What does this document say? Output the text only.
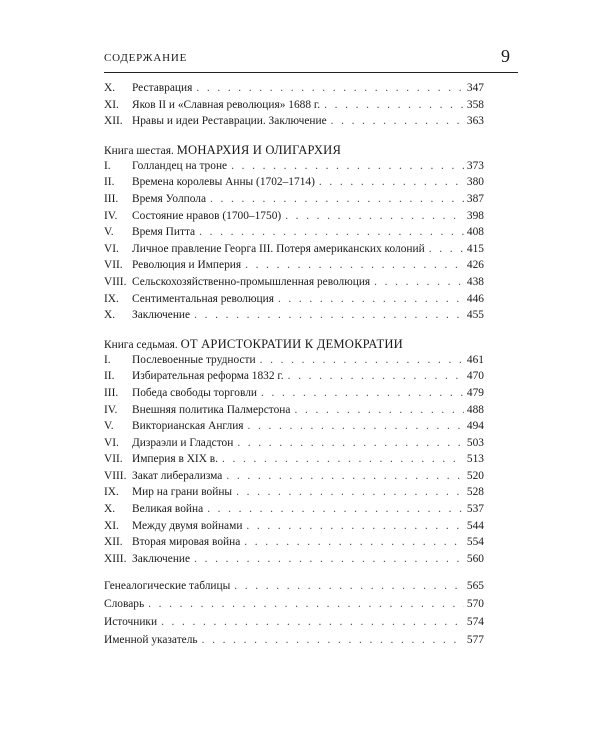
СОДЕРЖАНИЕ	9
X.	Реставрация . . .	347
XI.	Яков II и «Славная революция» 1688 г. . . .	358
XII. Нравы и идеи Реставрации. Заключение . . .	363
Книга шестая. МОНАРХИЯ И ОЛИГАРХИЯ
I.	Голландец на троне . . .	373
II.	Времена королевы Анны (1702–1714) . . .	380
III.	Время Уолпола . . .	387
IV.	Состояние нравов (1700–1750) . . .	398
V.	Время Питта . . .	408
VI.	Личное правление Георга III. Потеря американских колоний . . .	415
VII. Революция и Империя . . .	426
VIII. Сельскохозяйственно-промышленная революция . . .	438
IX.	Сентиментальная революция . . .	446
X.	Заключение . . .	455
Книга седьмая. ОТ АРИСТОКРАТИИ К ДЕМОКРАТИИ
I.	Послевоенные трудности . . .	461
II.	Избирательная реформа 1832 г. . . .	470
III.	Победа свободы торговли . . .	479
IV.	Внешняя политика Палмерстона . . .	488
V.	Викторианская Англия . . .	494
VI.	Дизраэли и Гладстон . . .	503
VII. Империя в XIX в. . . .	513
VIII. Закат либерализма . . .	520
IX.	Мир на грани войны . . .	528
X.	Великая война . . .	537
XI.	Между двумя войнами . . .	544
XII. Вторая мировая война . . .	554
XIII. Заключение . . .	560
Генеалогические таблицы . . .	565
Словарь . . .	570
Источники . . .	574
Именной указатель . . .	577
